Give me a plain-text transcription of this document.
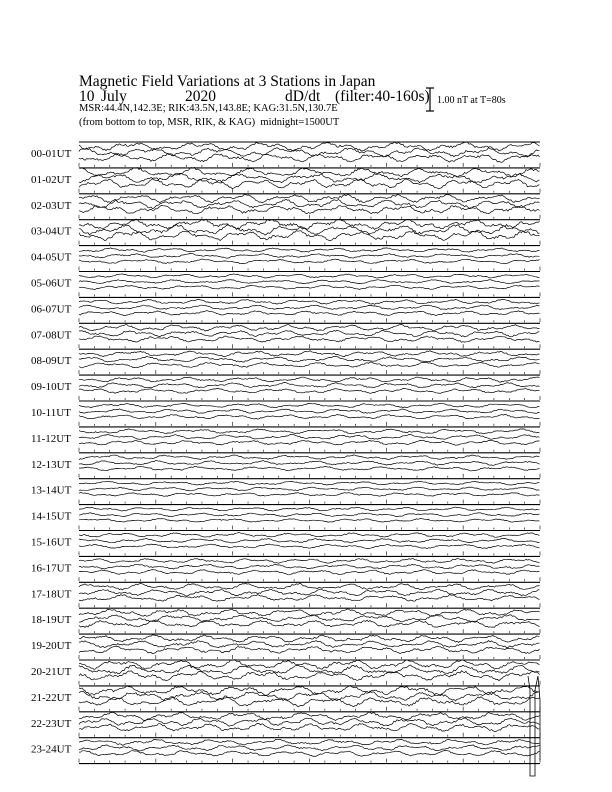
Magnetic Field Variations at 3 Stations in Japan
10 July	2020	dD/dt (filter:40-160s)
MSR:44.4N,142.3E; RIK:43.5N,143.8E; KAG:31.5N,130.7E
(from bottom to top, MSR, RIK, & KAG) midnight=1500UT
1.00 nT at T=80s
00-01UT
01-02UT
02-03UT
03-04UT
04-05UT
05-06UT
06-07UT
07-08UT
08-09UT
09-10UT
10-11UT
11-12UT
12-13UT
13-14UT
14-15UT
15-16UT
16-17UT
17-18UT
18-19UT
19-20UT
20-21UT
21-22UT
22-23UT
23-24UT
